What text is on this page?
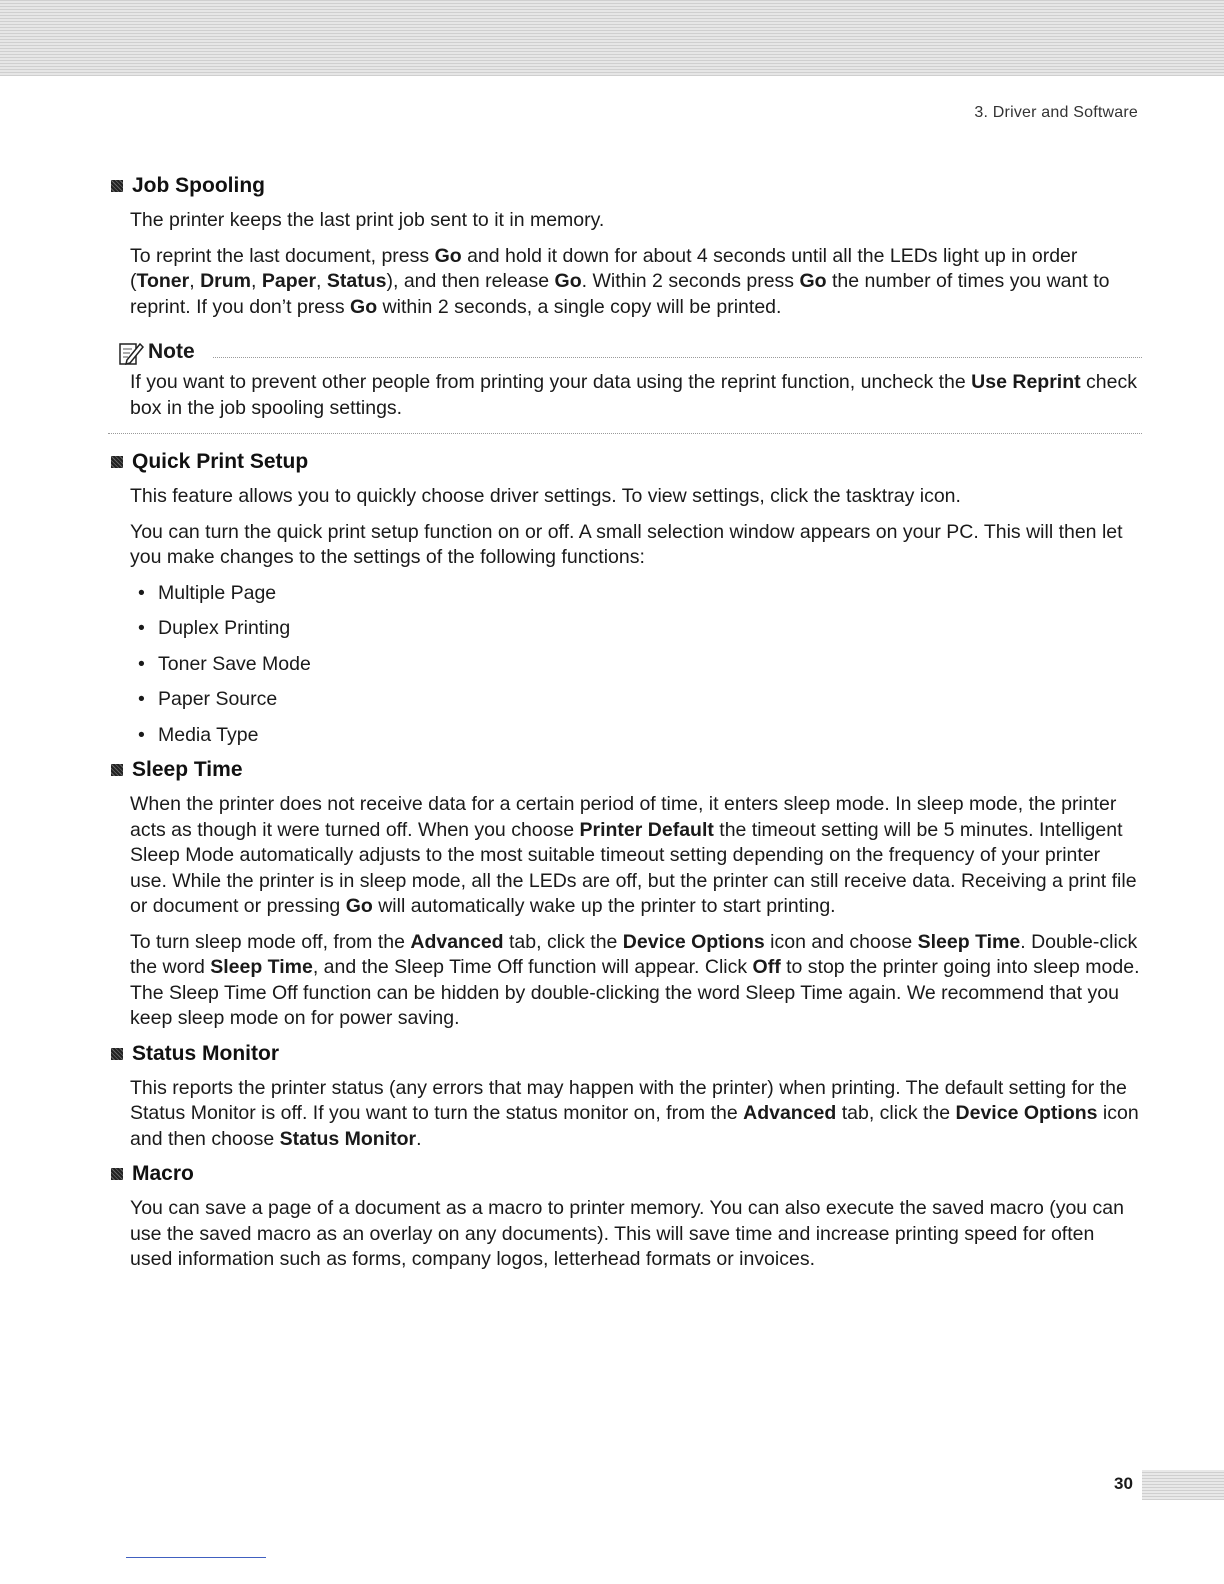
3. Driver and Software
Job Spooling

The printer keeps the last print job sent to it in memory.

To reprint the last document, press Go and hold it down for about 4 seconds until all the LEDs light up in order (Toner, Drum, Paper, Status), and then release Go. Within 2 seconds press Go the number of times you want to reprint. If you don’t press Go within 2 seconds, a single copy will be printed.

Note

If you want to prevent other people from printing your data using the reprint function, uncheck the Use Reprint check box in the job spooling settings.

Quick Print Setup

This feature allows you to quickly choose driver settings. To view settings, click the tasktray icon.

You can turn the quick print setup function on or off. A small selection window appears on your PC. This will then let you make changes to the settings of the following functions:

• Multiple Page
• Duplex Printing
• Toner Save Mode
• Paper Source
• Media Type
Sleep Time

When the printer does not receive data for a certain period of time, it enters sleep mode. In sleep mode, the printer acts as though it were turned off. When you choose Printer Default the timeout setting will be 5 minutes. Intelligent Sleep Mode automatically adjusts to the most suitable timeout setting depending on the frequency of your printer use. While the printer is in sleep mode, all the LEDs are off, but the printer can still receive data. Receiving a print file or document or pressing Go will automatically wake up the printer to start printing.

To turn sleep mode off, from the Advanced tab, click the Device Options icon and choose Sleep Time. Double-click the word Sleep Time, and the Sleep Time Off function will appear. Click Off to stop the printer going into sleep mode. The Sleep Time Off function can be hidden by double-clicking the word Sleep Time again. We recommend that you keep sleep mode on for power saving.

Status Monitor

This reports the printer status (any errors that may happen with the printer) when printing. The default setting for the Status Monitor is off. If you want to turn the status monitor on, from the Advanced tab, click the Device Options icon and then choose Status Monitor.

Macro

You can save a page of a document as a macro to printer memory. You can also execute the saved macro (you can use the saved macro as an overlay on any documents). This will save time and increase printing speed for often used information such as forms, company logos, letterhead formats or invoices.

30
